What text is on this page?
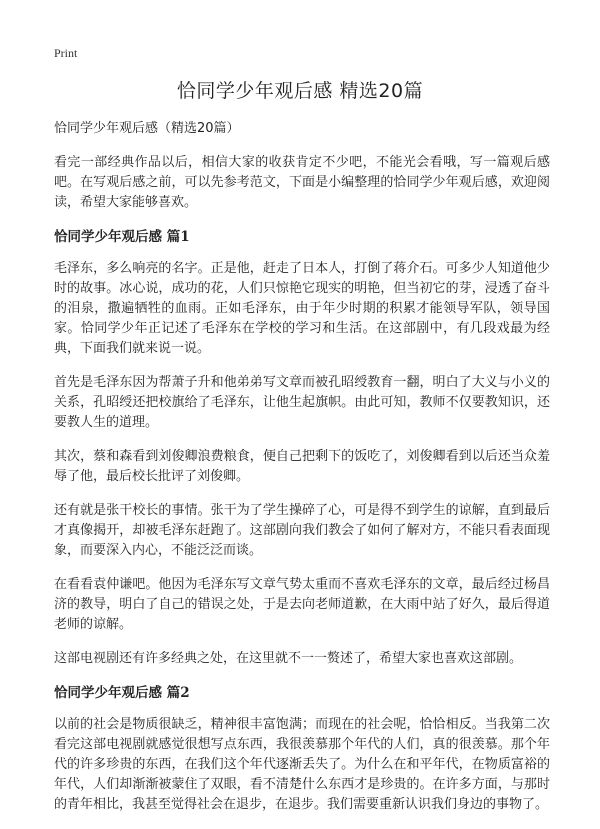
Print
恰同学少年观后感 精选20篇
恰同学少年观后感（精选20篇）

看完一部经典作品以后，相信大家的收获肯定不少吧，不能光会看哦，写一篇观后感吧。在写观后感之前，可以先参考范文，下面是小编整理的恰同学少年观后感，欢迎阅读，希望大家能够喜欢。

恰同学少年观后感 篇1

毛泽东，多么响亮的名字。正是他，赶走了日本人，打倒了蒋介石。可多少人知道他少时的故事。冰心说，成功的花，人们只惊艳它现实的明艳，但当初它的芽，浸透了奋斗的泪泉，撒遍牺牲的血雨。正如毛泽东，由于年少时期的积累才能领导军队，领导国家。恰同学少年正记述了毛泽东在学校的学习和生活。在这部剧中，有几段戏最为经典，下面我们就来说一说。

首先是毛泽东因为帮萧子升和他弟弟写文章而被孔昭绶教育一翻，明白了大义与小义的关系，孔昭绶还把校旗给了毛泽东，让他生起旗帜。由此可知，教师不仅要教知识，还要教人生的道理。

其次，蔡和森看到刘俊卿浪费粮食，便自己把剩下的饭吃了，刘俊卿看到以后还当众羞辱了他，最后校长批评了刘俊卿。

还有就是张干校长的事情。张干为了学生操碎了心，可是得不到学生的谅解，直到最后才真像揭开，却被毛泽东赶跑了。这部剧向我们教会了如何了解对方，不能只看表面现象，而要深入内心，不能泛泛而谈。

在看看袁仲谦吧。他因为毛泽东写文章气势太重而不喜欢毛泽东的文章，最后经过杨昌济的教导，明白了自己的错误之处，于是去向老师道歉，在大雨中站了好久，最后得道老师的谅解。

这部电视剧还有许多经典之处，在这里就不一一赘述了，希望大家也喜欢这部剧。

恰同学少年观后感 篇2

以前的社会是物质很缺乏，精神很丰富饱满；而现在的社会呢，恰恰相反。当我第二次看完这部电视剧就感觉很想写点东西，我很羡慕那个年代的人们，真的很羡慕。那个年代的许多珍贵的东西，在我们这个年代逐渐丢失了。为什么在和平年代，在物质富裕的年代，人们却渐渐被蒙住了双眼，看不清楚什么东西才是珍贵的。在许多方面，与那时的青年相比，我甚至觉得社会在退步，在退步。我们需要重新认识我们身边的事物了。
